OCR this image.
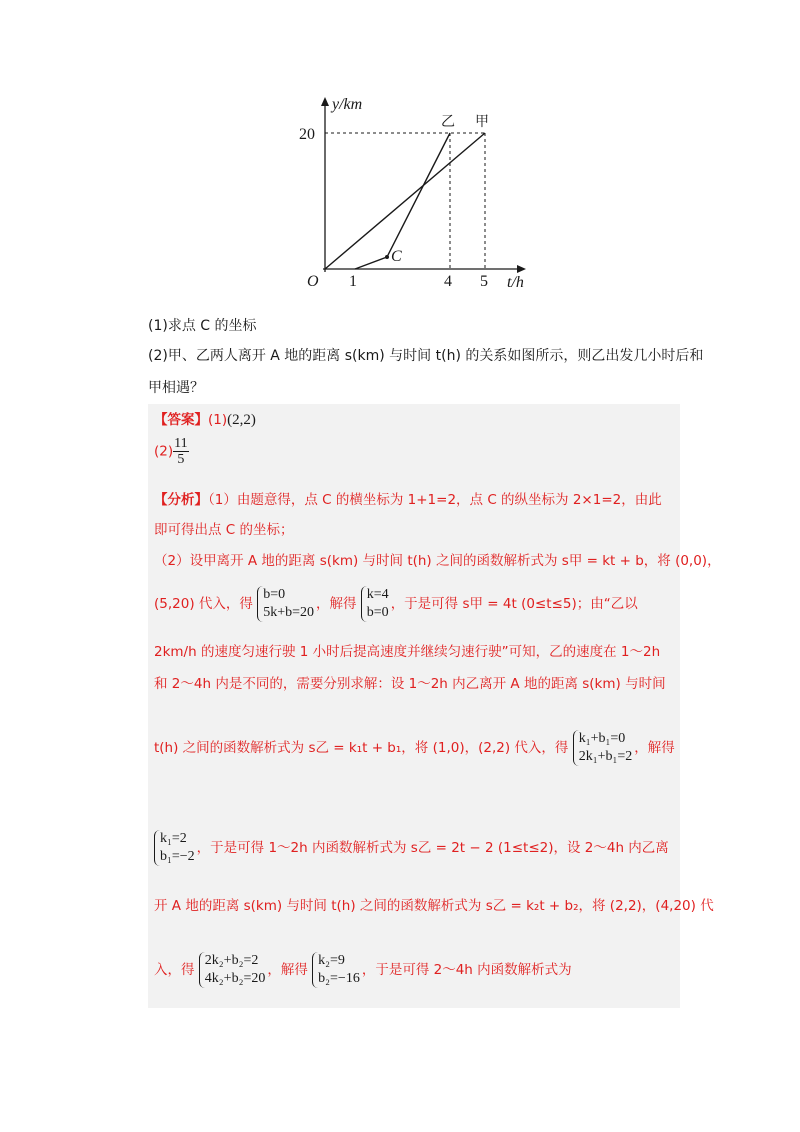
y/km
20
O 1	4 5 t/h
C
乙 甲
(1)求点 C 的坐标
(2)甲、乙两人离开 A 地的距离 s(km) 与时间 t(h) 的关系如图所示，则乙出发几小时后和
甲相遇？
【答案】(1)(2,2)
$(2) \frac{11}{5}$
【分析】（1）由题意得，点 C 的横坐标为 1+1=2，点 C 的纵坐标为 2×1=2，由此
即可得出点 C 的坐标；
（2）设甲离开 A 地的距离 s(km) 与时间 t(h) 之间的函数解析式为 s甲 = kt + b，将 (0,0)，
(5,20) 代入，得
b=0
5k+b=20
，解得
k=4
b=0
，于是可得 s甲 = 4t (0≤t≤5)；由“乙以
2km/h 的速度匀速行驶 1 小时后提高速度并继续匀速行驶”可知，乙的速度在 1～2h
和 2～4h 内是不同的，需要分别求解：设 1～2h 内乙离开 A 地的距离 s(km) 与时间
t(h) 之间的函数解析式为 s乙 = k₁t + b₁，将 (1,0)，(2,2) 代入，得
k₁+b₁=0
2k₁+b₁=2
，解得
k₁=2
b₁=−2
，于是可得 1～2h 内函数解析式为 s乙 = 2t − 2 (1≤t≤2)，设 2～4h 内乙离
开 A 地的距离 s(km) 与时间 t(h) 之间的函数解析式为 s乙 = k₂t + b₂，将 (2,2)，(4,20) 代
入，得
2k₂+b₂=2
4k₂+b₂=20
，解得
k₂=9
b₂=−16
，于是可得 2～4h 内函数解析式为
